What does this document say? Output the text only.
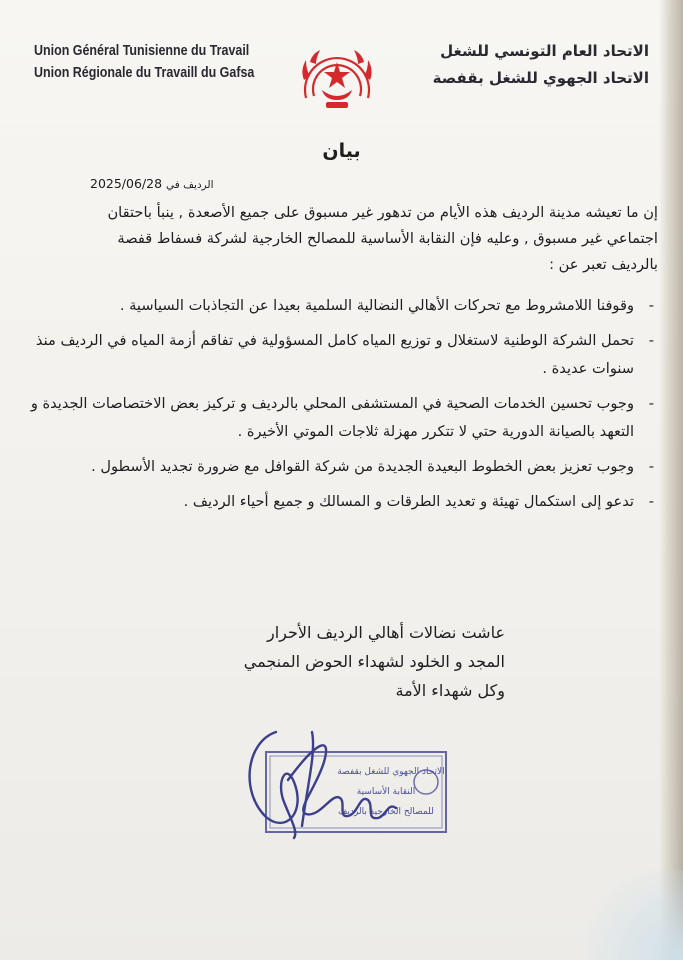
Union Général Tunisienne du Travail
Union Régionale du Travaill du Gafsa
الاتحاد العام التونسي للشغل
الاتحاد الجهوي للشغل بقفصة
بيان
2025/06/28 الرديف في

إن ما تعيشه مدينة الرديف هذه الأيام من تدهور غير مسبوق على جميع الأصعدة , ينبأ باحتقان

اجتماعي غير مسبوق , وعليه فإن النقابة الأساسية للمصالح الخارجية لشركة فسفاط قفصة

بالرديف تعبر عن :

-
وقوفنا اللامشروط مع تحركات الأهالي النضالية السلمية بعيدا عن التجاذبات السياسية .
-
تحمل الشركة الوطنية لاستغلال و توزيع المياه كامل المسؤولية في تفاقم أزمة المياه في الرديف منذ سنوات عديدة .
-
وجوب تحسين الخدمات الصحية في المستشفى المحلي بالرديف و تركيز بعض الاختصاصات الجديدة و التعهد بالصيانة الدورية حتي لا تتكرر مهزلة ثلاجات الموتي الأخيرة .
-
وجوب تعزيز بعض الخطوط البعيدة الجديدة من شركة القوافل مع ضرورة تجديد الأسطول .
-
تدعو إلى استكمال تهيئة و تعديد الطرقات و المسالك و جميع أحياء الرديف .
عاشت نضالات أهالي الرديف الأحرار
المجد و الخلود لشهداء الحوض المنجمي
وكل شهداء الأمة
الاتحاد الجهوي للشغل بقفصة
النقابة الأساسية
للمصالح الخارجية بالرديف
